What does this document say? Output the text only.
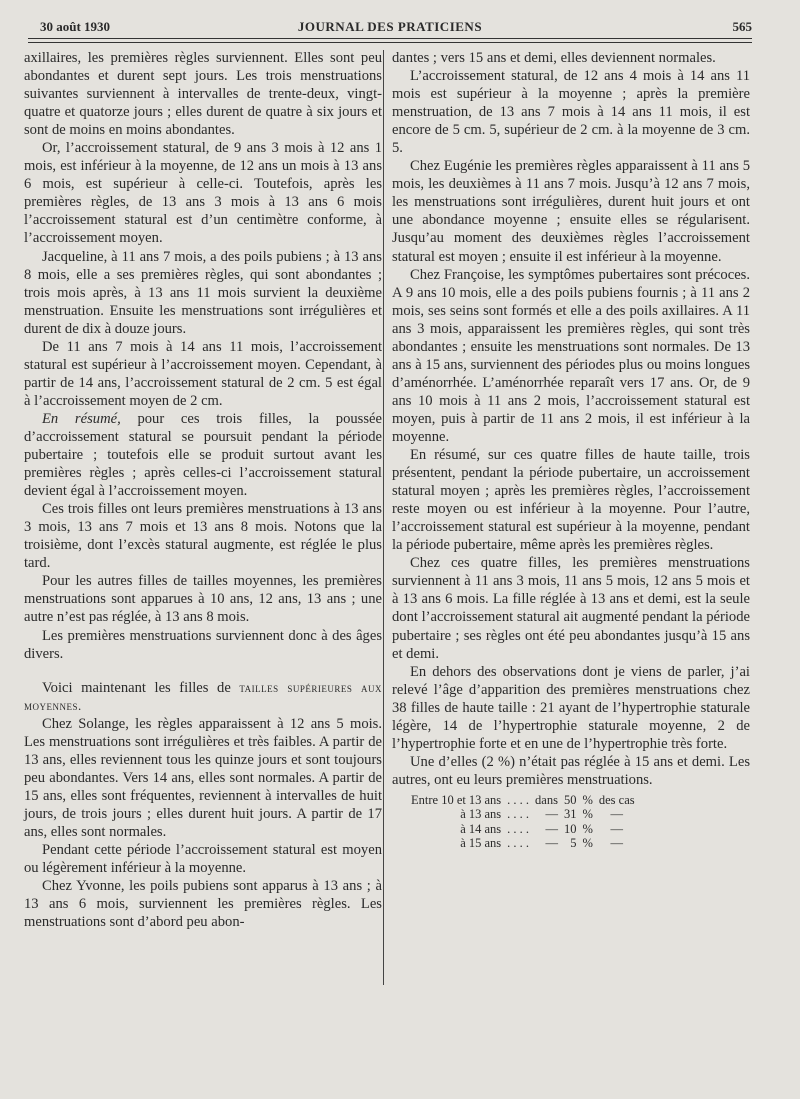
30 août 1930	JOURNAL DES PRATICIENS	565

axillaires, les premières règles surviennent. Elles sont peu abondantes et durent sept jours. Les trois menstruations suivantes surviennent à intervalles de trente-deux, vingt-quatre et quatorze jours ; elles durent de quatre à six jours et sont de moins en moins abondantes.

Or, l’accroissement statural, de 9 ans 3 mois à 12 ans 1 mois, est inférieur à la moyenne, de 12 ans un mois à 13 ans 6 mois, est supérieur à celle-ci. Toutefois, après les premières règles, de 13 ans 3 mois à 13 ans 6 mois l’accroissement statural est d’un centimètre conforme, à l’accroissement moyen.

Jacqueline, à 11 ans 7 mois, a des poils pubiens ; à 13 ans 8 mois, elle a ses premières règles, qui sont abondantes ; trois mois après, à 13 ans 11 mois survient la deuxième menstruation. Ensuite les menstruations sont irrégulières et durent de dix à douze jours.

De 11 ans 7 mois à 14 ans 11 mois, l’accroissement statural est supérieur à l’accroissement moyen. Cependant, à partir de 14 ans, l’accroissement statural de 2 cm. 5 est égal à l’accroissement moyen de 2 cm.

En résumé, pour ces trois filles, la poussée d’accroissement statural se poursuit pendant la période pubertaire ; toutefois elle se produit surtout avant les premières règles ; après celles-ci l’accroissement statural devient égal à l’accroissement moyen.

Ces trois filles ont leurs premières menstruations à 13 ans 3 mois, 13 ans 7 mois et 13 ans 8 mois. Notons que la troisième, dont l’excès statural augmente, est réglée le plus tard.

Pour les autres filles de tailles moyennes, les premières menstruations sont apparues à 10 ans, 12 ans, 13 ans ; une autre n’est pas réglée, à 13 ans 8 mois.

Les premières menstruations surviennent donc à des âges divers.

Voici maintenant les filles de tailles supérieures aux moyennes.

Chez Solange, les règles apparaissent à 12 ans 5 mois. Les menstruations sont irrégulières et très faibles. A partir de 13 ans, elles reviennent tous les quinze jours et sont toujours peu abondantes. Vers 14 ans, elles sont normales. A partir de 15 ans, elles sont fréquentes, reviennent à intervalles de huit jours, de trois jours ; elles durent huit jours. A partir de 17 ans, elles sont normales.

Pendant cette période l’accroissement statural est moyen ou légèrement inférieur à la moyenne.

Chez Yvonne, les poils pubiens sont apparus à 13 ans ; à 13 ans 6 mois, surviennent les premières règles. Les menstruations sont d’abord peu abon-

dantes ; vers 15 ans et demi, elles deviennent normales.

L’accroissement statural, de 12 ans 4 mois à 14 ans 11 mois est supérieur à la moyenne ; après la première menstruation, de 13 ans 7 mois à 14 ans 11 mois, il est encore de 5 cm. 5, supérieur de 2 cm. à la moyenne de 3 cm. 5.

Chez Eugénie les premières règles apparaissent à 11 ans 5 mois, les deuxièmes à 11 ans 7 mois. Jusqu’à 12 ans 7 mois, les menstruations sont irrégulières, durent huit jours et ont une abondance moyenne ; ensuite elles se régularisent. Jusqu’au moment des deuxièmes règles l’accroissement statural est moyen ; ensuite il est inférieur à la moyenne.

Chez Françoise, les symptômes pubertaires sont précoces. A 9 ans 10 mois, elle a des poils pubiens fournis ; à 11 ans 2 mois, ses seins sont formés et elle a des poils axillaires. A 11 ans 3 mois, apparaissent les premières règles, qui sont très abondantes ; ensuite les menstruations sont normales. De 13 ans à 15 ans, surviennent des périodes plus ou moins longues d’aménorrhée. L’aménorrhée reparaît vers 17 ans. Or, de 9 ans 10 mois à 11 ans 2 mois, l’accroissement statural est moyen, puis à partir de 11 ans 2 mois, il est inférieur à la moyenne.

En résumé, sur ces quatre filles de haute taille, trois présentent, pendant la période pubertaire, un accroissement statural moyen ; après les premières règles, l’accroissement reste moyen ou est inférieur à la moyenne. Pour l’autre, l’accroissement statural est supérieur à la moyenne, pendant la période pubertaire, même après les premières règles.

Chez ces quatre filles, les premières menstruations surviennent à 11 ans 3 mois, 11 ans 5 mois, 12 ans 5 mois et à 13 ans 6 mois. La fille réglée à 13 ans et demi, est la seule dont l’accroissement statural ait augmenté pendant la période pubertaire ; ses règles ont été peu abondantes jusqu’à 15 ans et demi.

En dehors des observations dont je viens de parler, j’ai relevé l’âge d’apparition des premières menstruations chez 38 filles de haute taille : 21 ayant de l’hypertrophie staturale légère, 14 de l’hypertrophie staturale moyenne, 2 de l’hypertrophie forte et en une de l’hypertrophie très forte.

Une d’elles (2 %) n’était pas réglée à 15 ans et demi. Les autres, ont eu leurs premières menstruations.

Entre 10 et	13 ans	. . . .	dans	50	%	des cas
à	13 ans	. . . .	—	31	%	—
à	14 ans	. . . .	—	10	%	—
à	15 ans	. . . .	—	5	%	—
